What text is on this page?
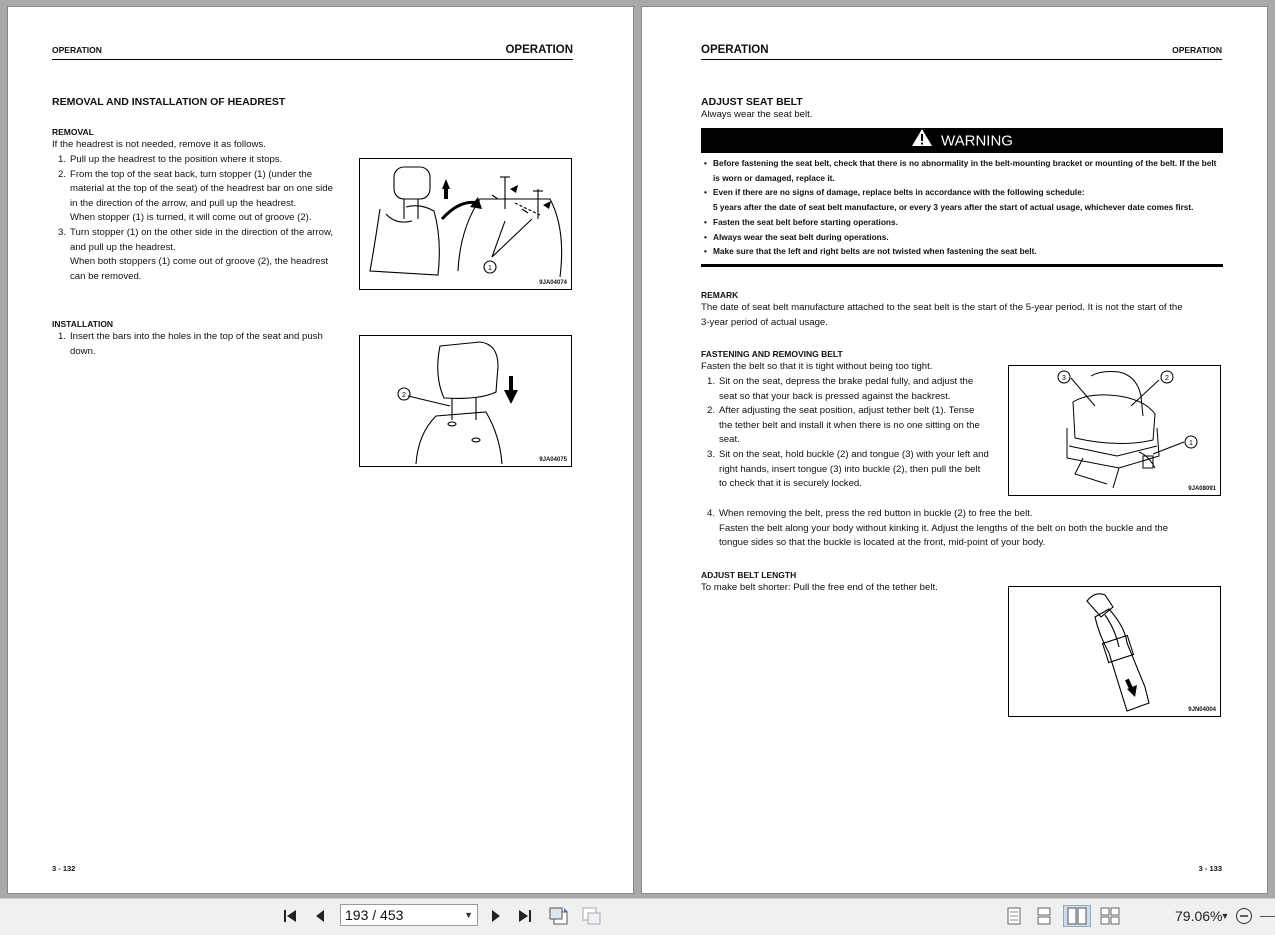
OPERATION	OPERATION
REMOVAL AND INSTALLATION OF HEADREST
REMOVAL
If the headrest is not needed, remove it as follows.
1. Pull up the headrest to the position where it stops.
2. From the top of the seat back, turn stopper (1) (under the
material at the top of the seat) of the headrest bar on one side
in the direction of the arrow, and pull up the headrest.
When stopper (1) is turned, it will come out of groove (2).
3. Turn stopper (1) on the other side in the direction of the arrow,
and pull up the headrest.
When both stoppers (1) come out of groove (2), the headrest
can be removed.
1
9JA04074
INSTALLATION
1. Insert the bars into the holes in the top of the seat and push
down.
2
9JA04075
3 - 132
OPERATION	OPERATION
ADJUST SEAT BELT
Always wear the seat belt.
WARNING
• Before fastening the seat belt, check that there is no abnormality in the belt-mounting bracket or mounting of the belt. If the belt
is worn or damaged, replace it.
• Even if there are no signs of damage, replace belts in accordance with the following schedule:
5 years after the date of seat belt manufacture, or every 3 years after the start of actual usage, whichever date comes first.
• Fasten the seat belt before starting operations.
• Always wear the seat belt during operations.
• Make sure that the left and right belts are not twisted when fastening the seat belt.
REMARK
The date of seat belt manufacture attached to the seat belt is the start of the 5-year period. It is not the start of the
3-year period of actual usage.
FASTENING AND REMOVING BELT
Fasten the belt so that it is tight without being too tight.
1. Sit on the seat, depress the brake pedal fully, and adjust the
seat so that your back is pressed against the backrest.
2. After adjusting the seat position, adjust tether belt (1). Tense
the tether belt and install it when there is no one sitting on the
seat.
3. Sit on the seat, hold buckle (2) and tongue (3) with your left and
right hands, insert tongue (3) into buckle (2), then pull the belt
to check that it is securely locked.
3	2
1
9JA08091
4. When removing the belt, press the red button in buckle (2) to free the belt.
Fasten the belt along your body without kinking it. Adjust the lengths of the belt on both the buckle and the
tongue sides so that the buckle is located at the front, mid-point of your body.
ADJUST BELT LENGTH
To make belt shorter: Pull the free end of the tether belt.
9JN04004
3 - 133
193 / 453	▼	79.06%
▼
